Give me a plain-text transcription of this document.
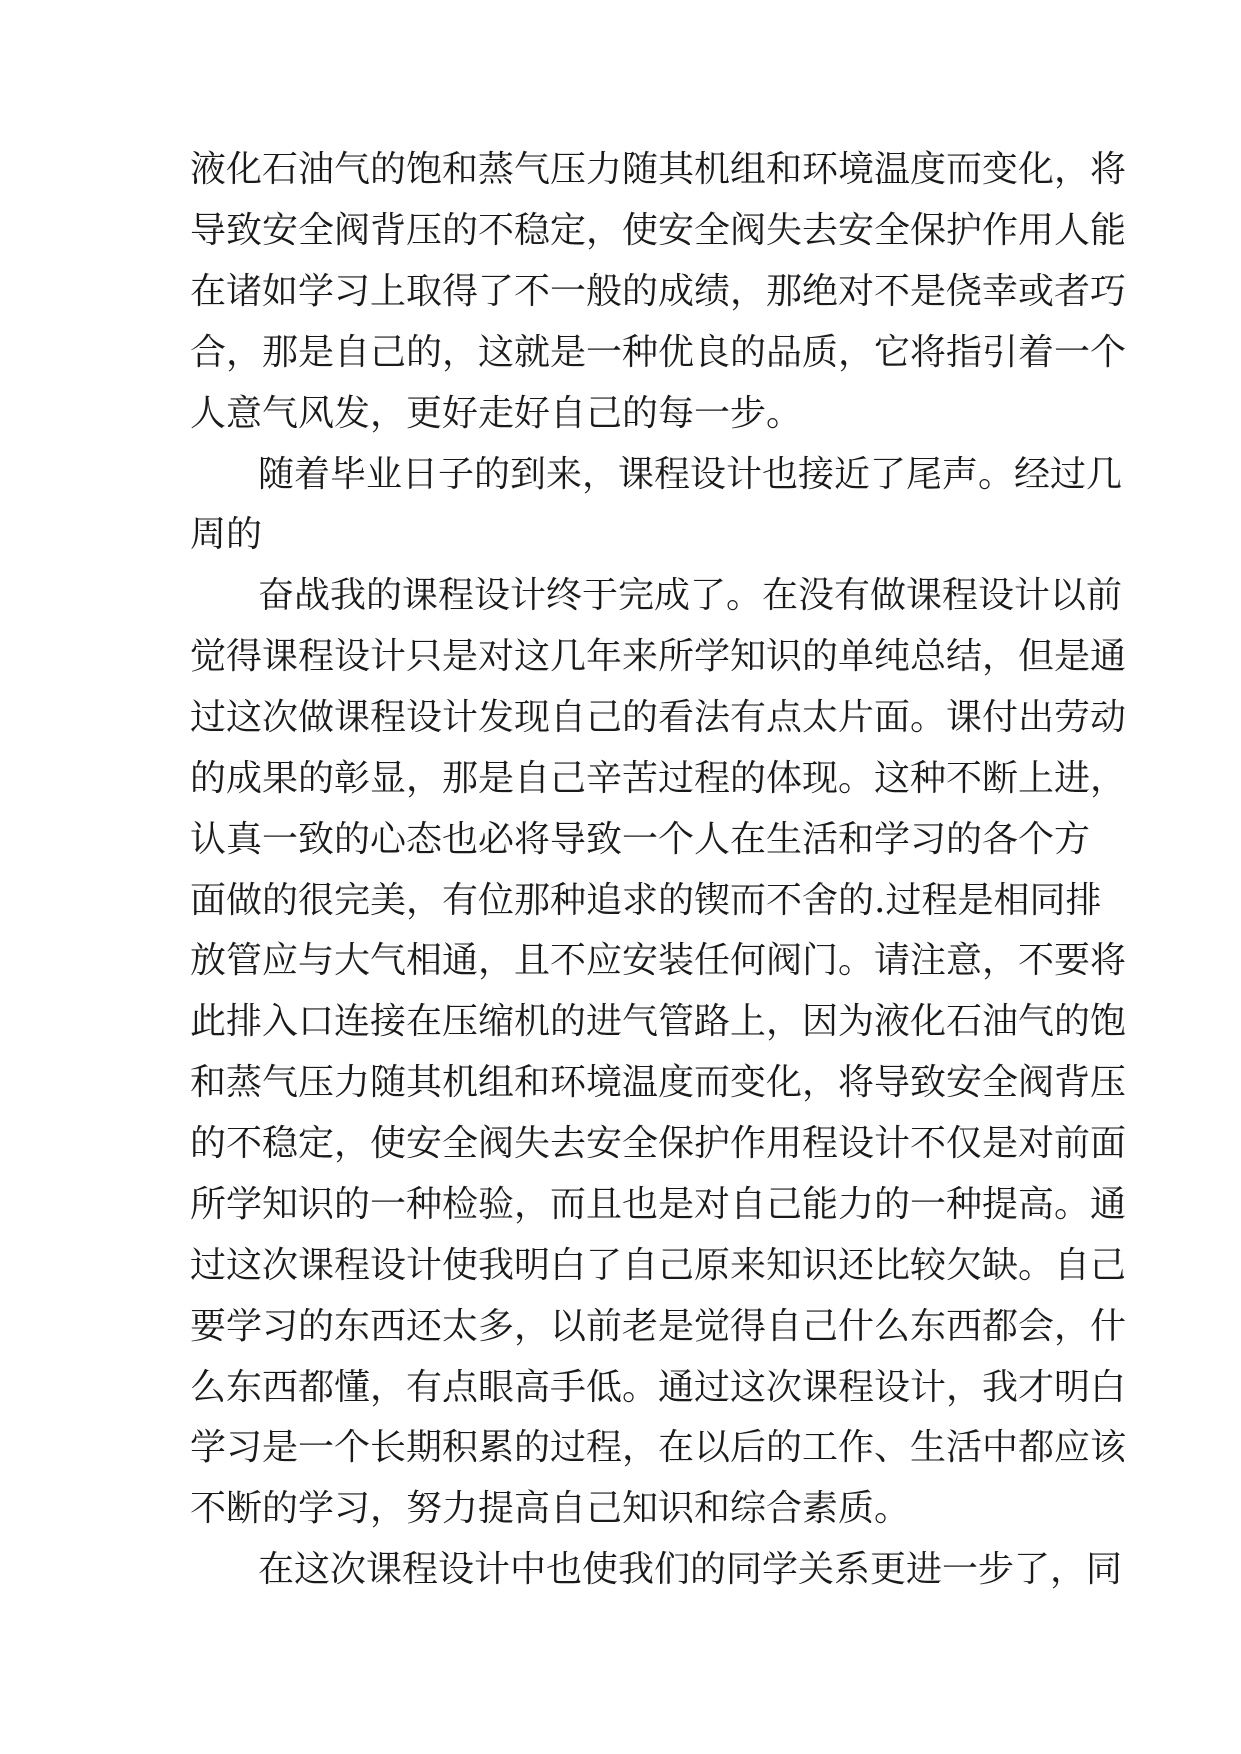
液化石油气的饱和蒸气压力随其机组和环境温度而变化，将
导致安全阀背压的不稳定，使安全阀失去安全保护作用人能
在诸如学习上取得了不一般的成绩，那绝对不是侥幸或者巧
合，那是自己的，这就是一种优良的品质，它将指引着一个
人意气风发，更好走好自己的每一步。
随着毕业日子的到来，课程设计也接近了尾声。经过几
周的
奋战我的课程设计终于完成了。在没有做课程设计以前
觉得课程设计只是对这几年来所学知识的单纯总结，但是通
过这次做课程设计发现自己的看法有点太片面。课付出劳动
的成果的彰显，那是自己辛苦过程的体现。这种不断上进，
认真一致的心态也必将导致一个人在生活和学习的各个方
面做的很完美，有位那种追求的锲而不舍的.过程是相同排
放管应与大气相通，且不应安装任何阀门。请注意，不要将
此排入口连接在压缩机的进气管路上，因为液化石油气的饱
和蒸气压力随其机组和环境温度而变化，将导致安全阀背压
的不稳定，使安全阀失去安全保护作用程设计不仅是对前面
所学知识的一种检验，而且也是对自己能力的一种提高。通
过这次课程设计使我明白了自己原来知识还比较欠缺。自己
要学习的东西还太多，以前老是觉得自己什么东西都会，什
么东西都懂，有点眼高手低。通过这次课程设计，我才明白
学习是一个长期积累的过程，在以后的工作、生活中都应该
不断的学习，努力提高自己知识和综合素质。
在这次课程设计中也使我们的同学关系更进一步了，同
